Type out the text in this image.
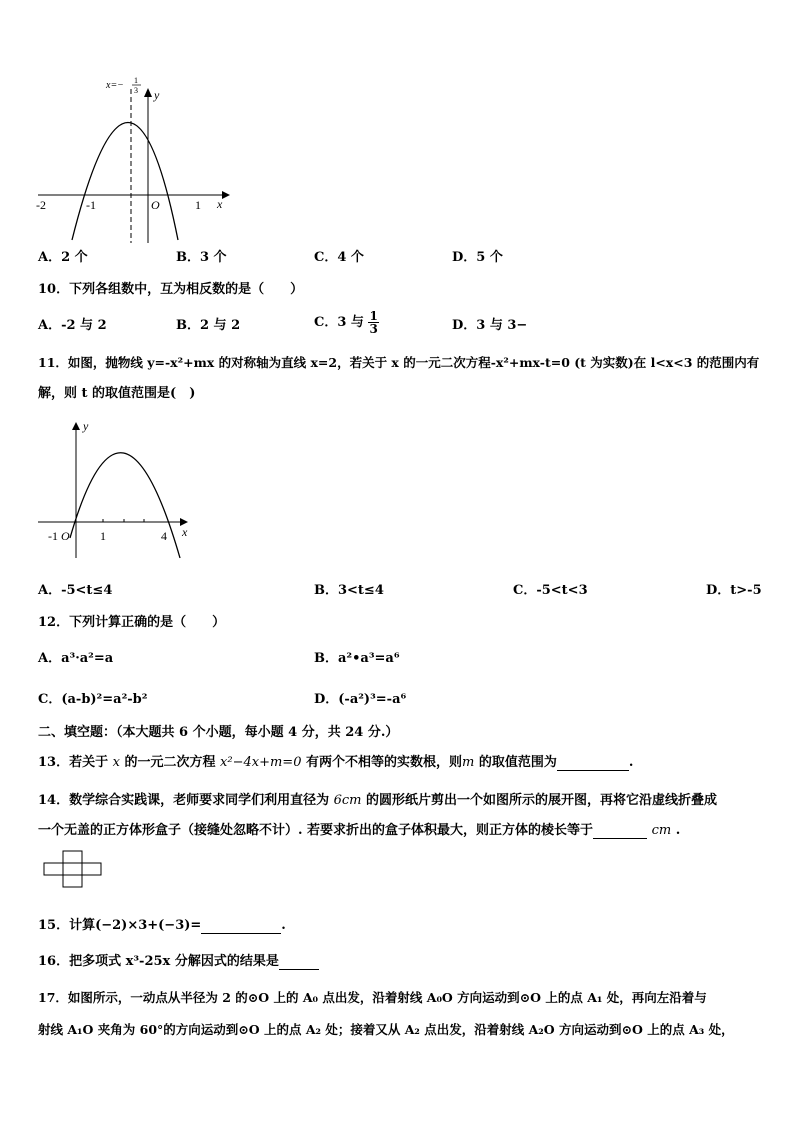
y
x
O
-2	-1	1
x=− 1
3
A．2 个	B．3 个	C．4 个	D．5 个
10．下列各组数中，互为相反数的是（　　）
A．-2 与 2	B．2 与 2	C．3 与 $\frac{1}{3}$	D．3 与 3−
11．如图，抛物线 y=-x²+mx 的对称轴为直线 x=2，若关于 x 的一元二次方程-x²+mx-t=0 (t 为实数)在 l<x<3 的范围内有
解，则 t 的取值范围是(　)
y
x
-1 O	1	4
A．-5<t≤4	B．3<t≤4	C．-5<t<3	D．t>-5
12．下列计算正确的是（　　）
A．a³·a²=a	B．a²•a³=a⁶
C．(a-b)²=a²-b²	D．(-a²)³=-a⁶
二、填空题：（本大题共 6 个小题，每小题 4 分，共 24 分.）
13．若关于 x 的一元二次方程 x²−4x+m=0 有两个不相等的实数根，则m 的取值范围为	.
14．数学综合实践课，老师要求同学们利用直径为 6cm 的圆形纸片剪出一个如图所示的展开图，再将它沿虚线折叠成
一个无盖的正方体形盒子（接缝处忽略不计）. 若要求折出的盒子体积最大，则正方体的棱长等于	cm .
15．计算(−2)×3+(−3)=	.
16．把多项式 x³-25x 分解因式的结果是
17．如图所示，一动点从半径为 2 的⊙O 上的 A₀ 点出发，沿着射线 A₀O 方向运动到⊙O 上的点 A₁ 处，再向左沿着与
射线 A₁O 夹角为 60°的方向运动到⊙O 上的点 A₂ 处；接着又从 A₂ 点出发，沿着射线 A₂O 方向运动到⊙O 上的点 A₃ 处，
